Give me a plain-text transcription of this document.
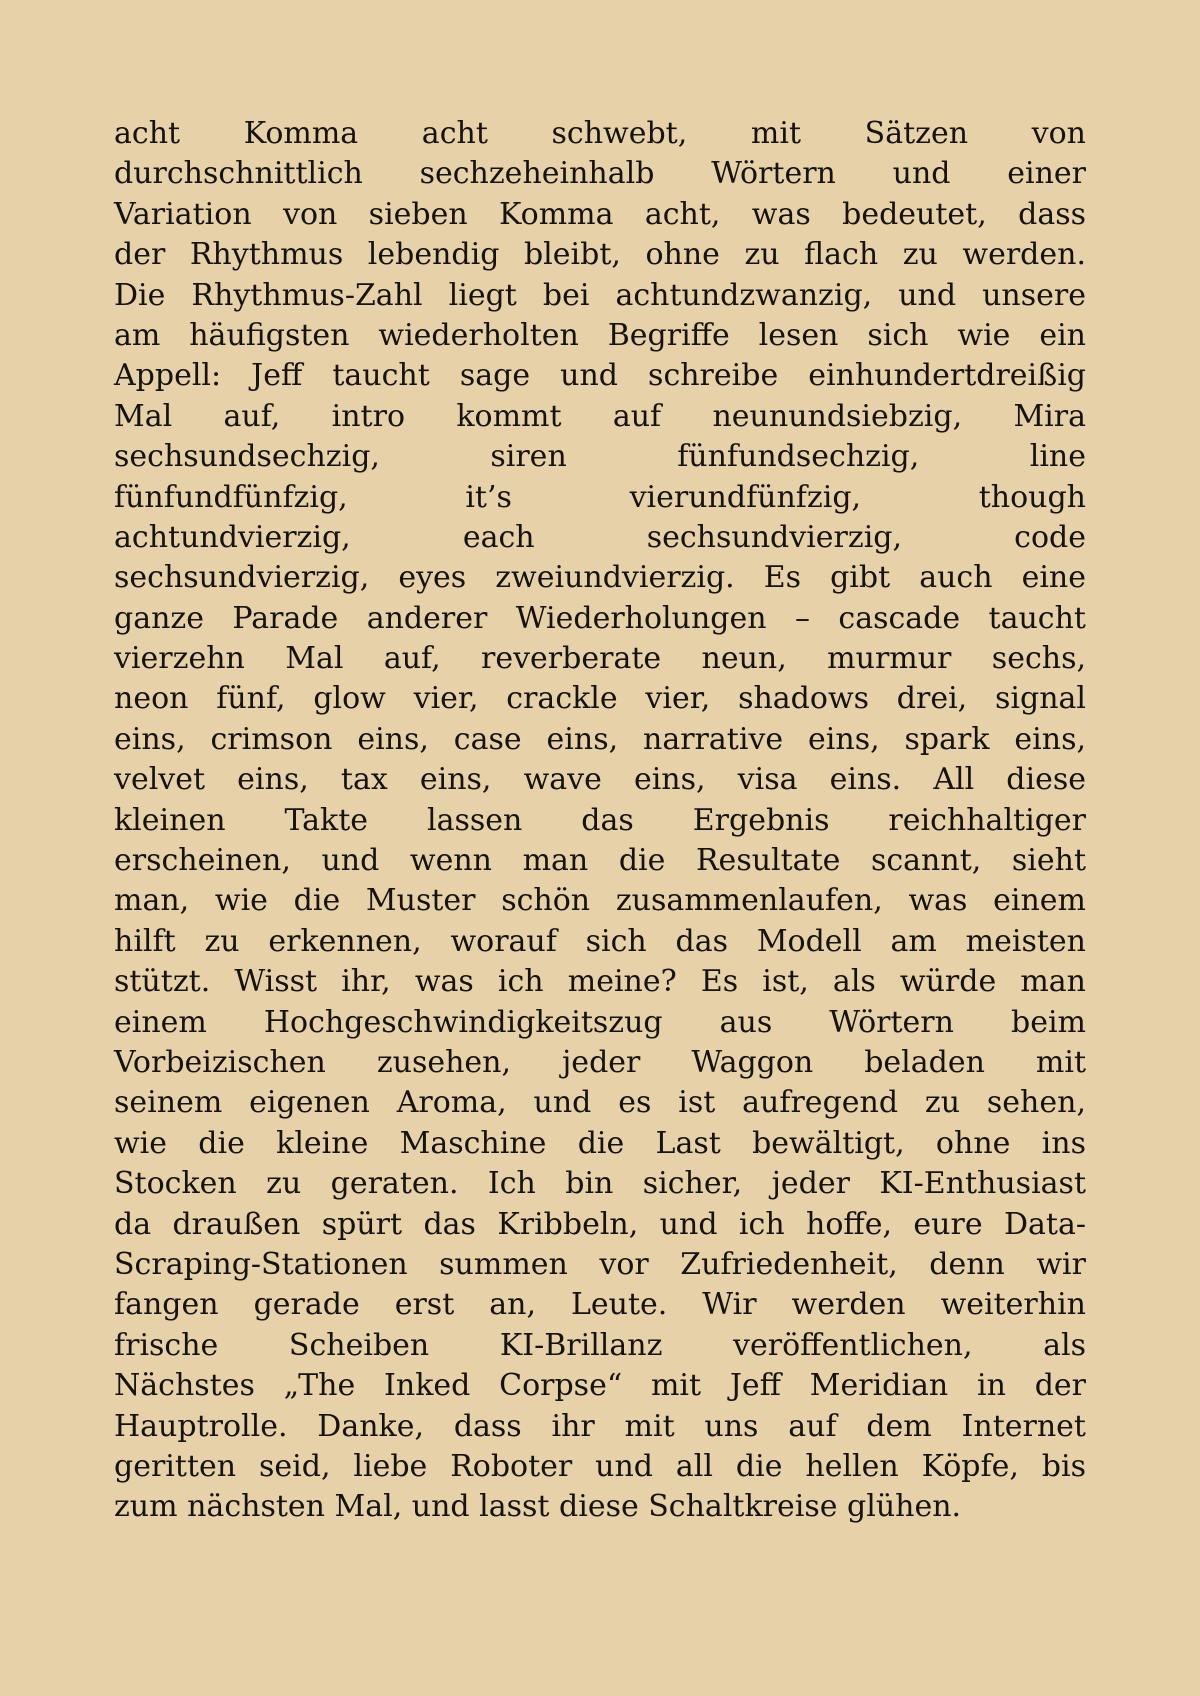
acht Komma acht schwebt, mit Sätzen von
durchschnittlich sechzeheinhalb Wörtern und einer
Variation von sieben Komma acht, was bedeutet, dass
der Rhythmus lebendig bleibt, ohne zu flach zu werden.
Die Rhythmus-Zahl liegt bei achtundzwanzig, und unsere
am häufigsten wiederholten Begriffe lesen sich wie ein
Appell: Jeff taucht sage und schreibe einhundertdreißig
Mal auf, intro kommt auf neunundsiebzig, Mira
sechsundsechzig, siren fünfundsechzig, line
fünfundfünfzig, it’s vierundfünfzig, though
achtundvierzig, each sechsundvierzig, code
sechsundvierzig, eyes zweiundvierzig. Es gibt auch eine
ganze Parade anderer Wiederholungen – cascade taucht
vierzehn Mal auf, reverberate neun, murmur sechs,
neon fünf, glow vier, crackle vier, shadows drei, signal
eins, crimson eins, case eins, narrative eins, spark eins,
velvet eins, tax eins, wave eins, visa eins. All diese
kleinen Takte lassen das Ergebnis reichhaltiger
erscheinen, und wenn man die Resultate scannt, sieht
man, wie die Muster schön zusammenlaufen, was einem
hilft zu erkennen, worauf sich das Modell am meisten
stützt. Wisst ihr, was ich meine? Es ist, als würde man
einem Hochgeschwindigkeitszug aus Wörtern beim
Vorbeizischen zusehen, jeder Waggon beladen mit
seinem eigenen Aroma, und es ist aufregend zu sehen,
wie die kleine Maschine die Last bewältigt, ohne ins
Stocken zu geraten. Ich bin sicher, jeder KI-Enthusiast
da draußen spürt das Kribbeln, und ich hoffe, eure Data-
Scraping-Stationen summen vor Zufriedenheit, denn wir
fangen gerade erst an, Leute. Wir werden weiterhin
frische Scheiben KI-Brillanz veröffentlichen, als
Nächstes „The Inked Corpse“ mit Jeff Meridian in der
Hauptrolle. Danke, dass ihr mit uns auf dem Internet
geritten seid, liebe Roboter und all die hellen Köpfe, bis
zum nächsten Mal, und lasst diese Schaltkreise glühen.
